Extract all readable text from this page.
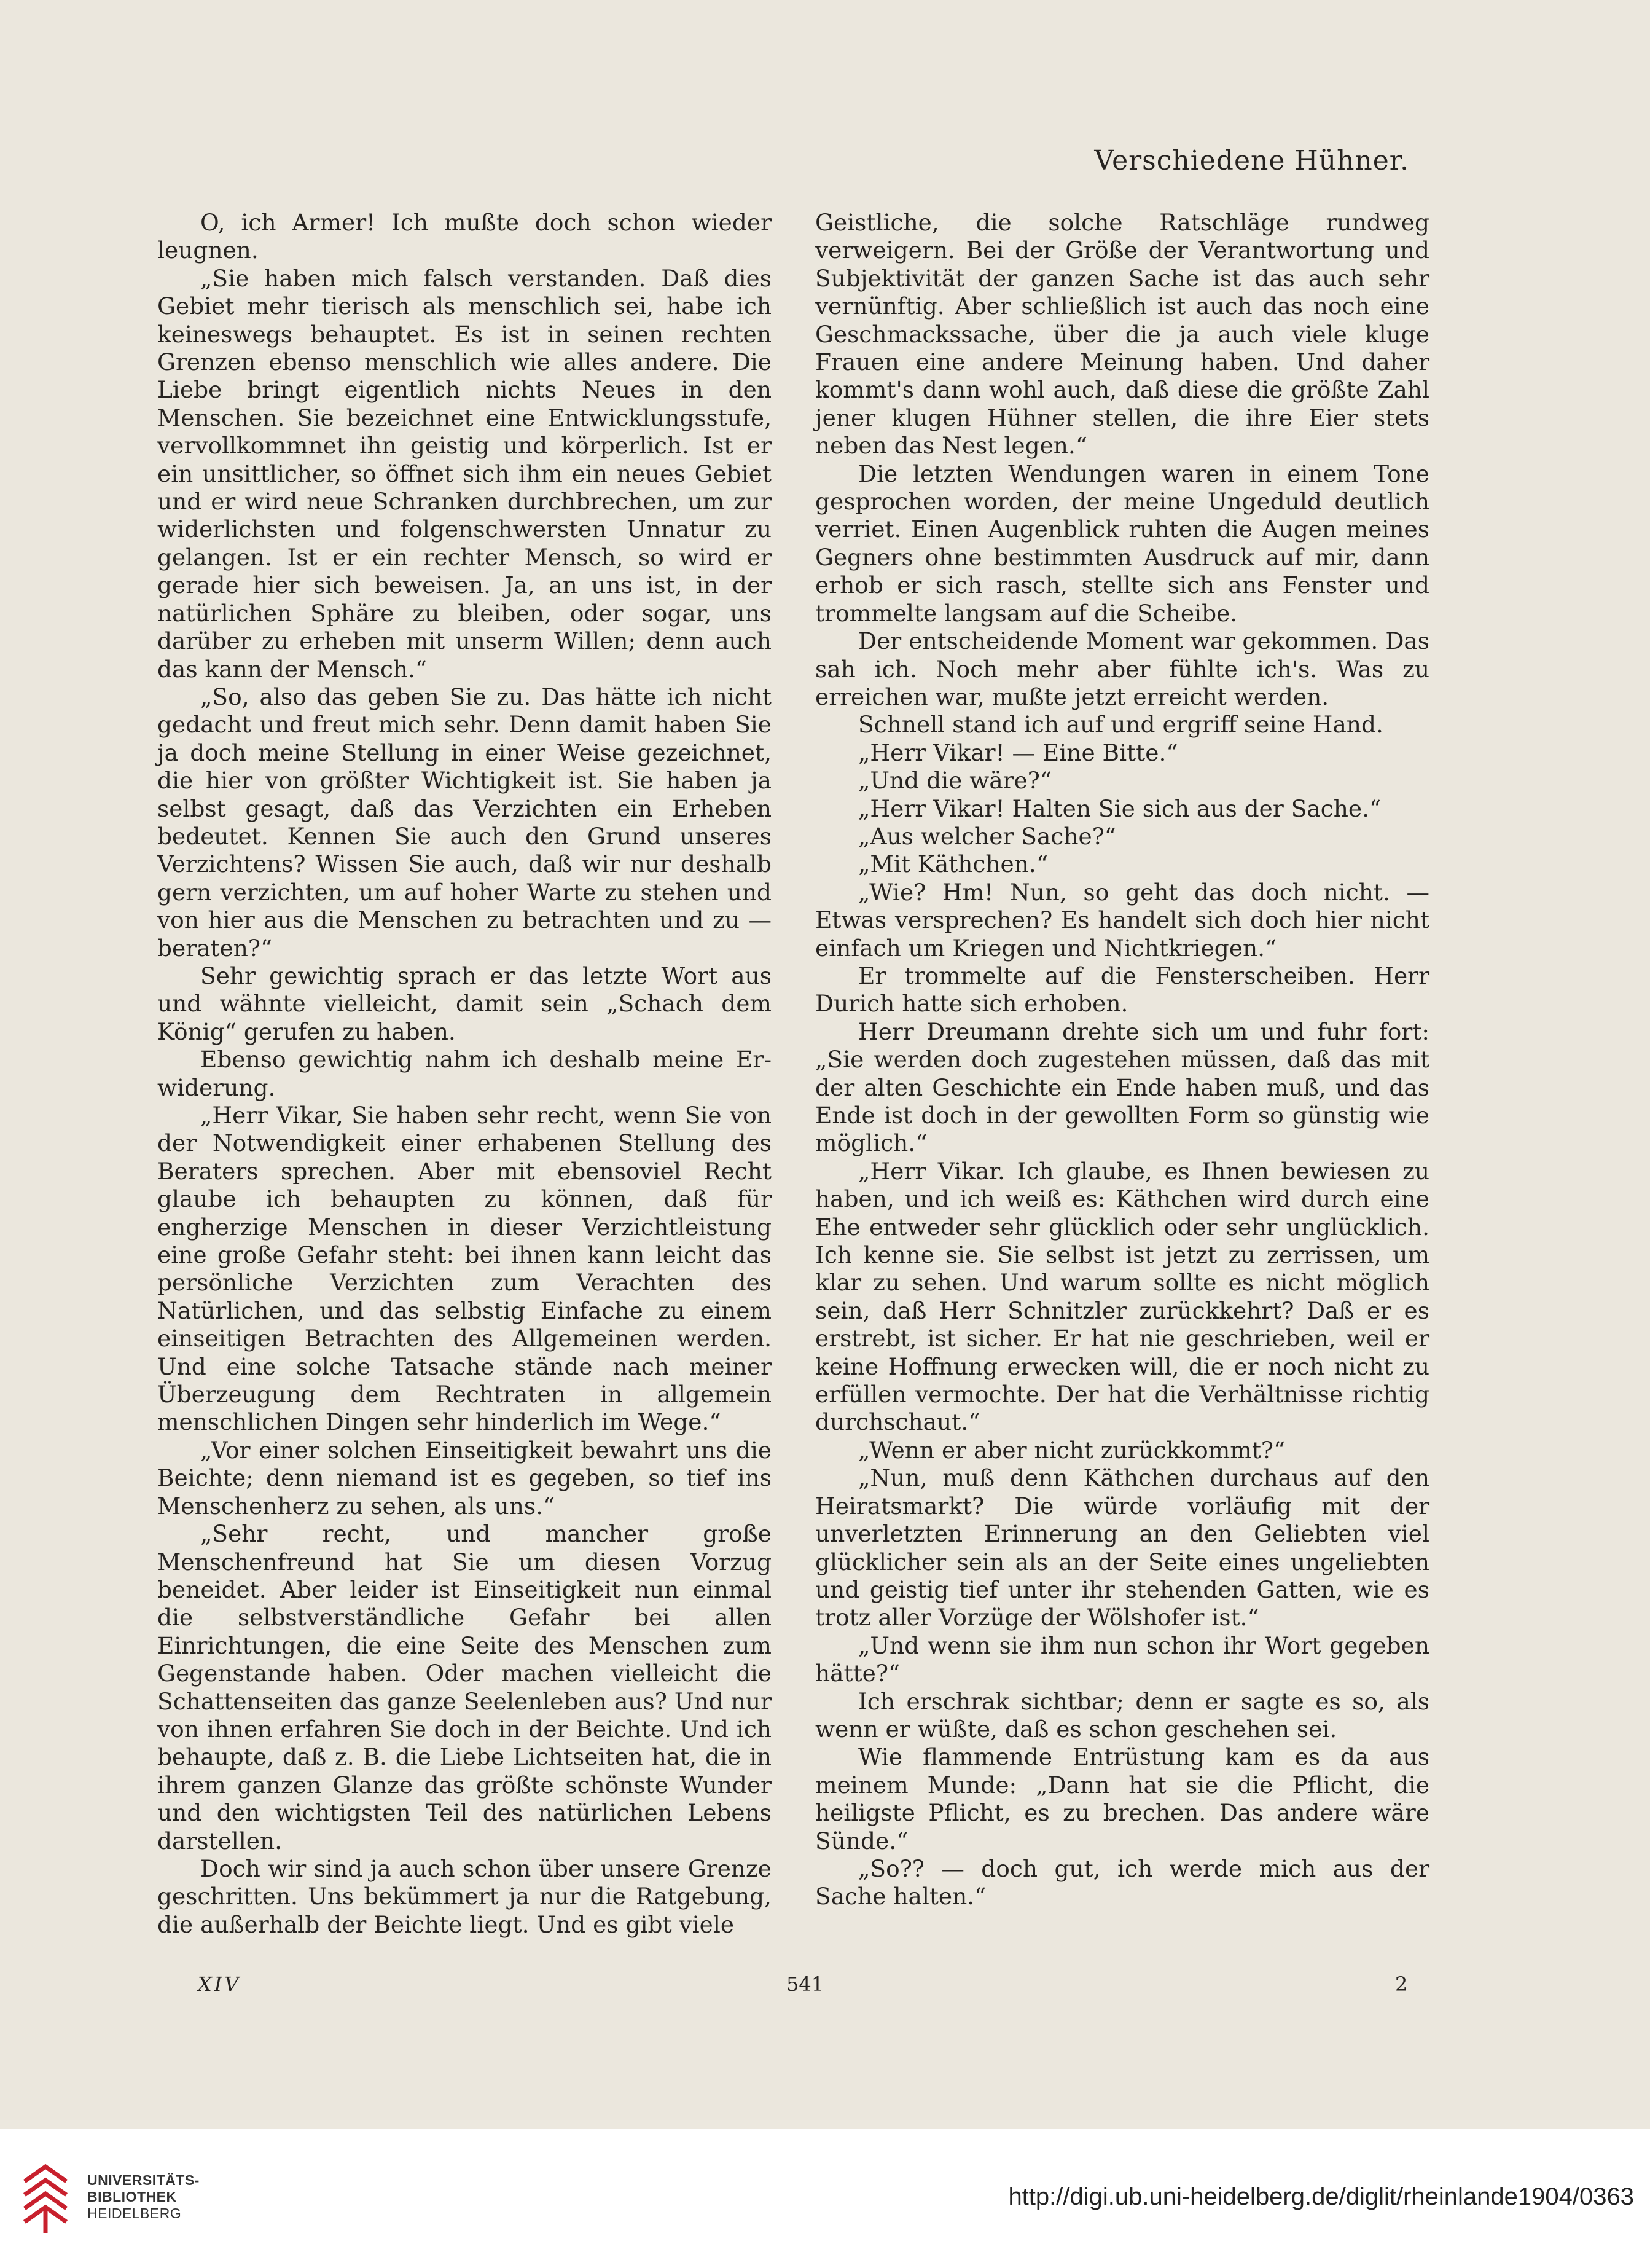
Verschiedene Hühner.

O, ich Armer! Ich mußte doch schon wieder leugnen.

„Sie haben mich falsch verstanden. Daß dies Gebiet mehr tierisch als menschlich sei, habe ich keineswegs behauptet. Es ist in seinen rechten Grenzen ebenso menschlich wie alles andere. Die Liebe bringt eigentlich nichts Neues in den Menschen. Sie bezeichnet eine Entwicklungsstufe, vervollkommnet ihn geistig und körperlich. Ist er ein unsittlicher, so öffnet sich ihm ein neues Gebiet und er wird neue Schranken durchbrechen, um zur widerlichsten und folgenschwersten Unnatur zu gelangen. Ist er ein rechter Mensch, so wird er gerade hier sich beweisen. Ja, an uns ist, in der natürlichen Sphäre zu bleiben, oder sogar, uns darüber zu erheben mit unserm Willen; denn auch das kann der Mensch.“

„So, also das geben Sie zu. Das hätte ich nicht gedacht und freut mich sehr. Denn damit haben Sie ja doch meine Stellung in einer Weise gezeichnet, die hier von größter Wichtigkeit ist. Sie haben ja selbst gesagt, daß das Verzichten ein Erheben bedeutet. Kennen Sie auch den Grund unseres Verzichtens? Wissen Sie auch, daß wir nur deshalb gern verzichten, um auf hoher Warte zu stehen und von hier aus die Menschen zu betrachten und zu — beraten?“

Sehr gewichtig sprach er das letzte Wort aus und wähnte vielleicht, damit sein „Schach dem König“ gerufen zu haben.

Ebenso gewichtig nahm ich deshalb meine Erwiderung.

„Herr Vikar, Sie haben sehr recht, wenn Sie von der Notwendigkeit einer erhabenen Stellung des Beraters sprechen. Aber mit ebensoviel Recht glaube ich behaupten zu können, daß für engherzige Menschen in dieser Verzichtleistung eine große Gefahr steht: bei ihnen kann leicht das persönliche Verzichten zum Verachten des Natürlichen, und das selbstig Einfache zu einem einseitigen Betrachten des Allgemeinen werden. Und eine solche Tatsache stände nach meiner Überzeugung dem Rechtraten in allgemein menschlichen Dingen sehr hinderlich im Wege.“

„Vor einer solchen Einseitigkeit bewahrt uns die Beichte; denn niemand ist es gegeben, so tief ins Menschenherz zu sehen, als uns.“

„Sehr recht, und mancher große Menschenfreund hat Sie um diesen Vorzug beneidet. Aber leider ist Einseitigkeit nun einmal die selbstverständliche Gefahr bei allen Einrichtungen, die eine Seite des Menschen zum Gegenstande haben. Oder machen vielleicht die Schattenseiten das ganze Seelenleben aus? Und nur von ihnen erfahren Sie doch in der Beichte. Und ich behaupte, daß z. B. die Liebe Lichtseiten hat, die in ihrem ganzen Glanze das größte schönste Wunder und den wichtigsten Teil des natürlichen Lebens darstellen.

Doch wir sind ja auch schon über unsere Grenze geschritten. Uns bekümmert ja nur die Ratgebung, die außerhalb der Beichte liegt. Und es gibt viele

Geistliche, die solche Ratschläge rundweg verweigern. Bei der Größe der Verantwortung und Subjektivität der ganzen Sache ist das auch sehr vernünftig. Aber schließlich ist auch das noch eine Geschmackssache, über die ja auch viele kluge Frauen eine andere Meinung haben. Und daher kommt's dann wohl auch, daß diese die größte Zahl jener klugen Hühner stellen, die ihre Eier stets neben das Nest legen.“

Die letzten Wendungen waren in einem Tone gesprochen worden, der meine Ungeduld deutlich verriet. Einen Augenblick ruhten die Augen meines Gegners ohne bestimmten Ausdruck auf mir, dann erhob er sich rasch, stellte sich ans Fenster und trommelte langsam auf die Scheibe.

Der entscheidende Moment war gekommen. Das sah ich. Noch mehr aber fühlte ich's. Was zu erreichen war, mußte jetzt erreicht werden.

Schnell stand ich auf und ergriff seine Hand.

„Herr Vikar! — Eine Bitte.“

„Und die wäre?“

„Herr Vikar! Halten Sie sich aus der Sache.“

„Aus welcher Sache?“

„Mit Käthchen.“

„Wie? Hm! Nun, so geht das doch nicht. — Etwas versprechen? Es handelt sich doch hier nicht einfach um Kriegen und Nichtkriegen.“

Er trommelte auf die Fensterscheiben. Herr Durich hatte sich erhoben.

Herr Dreumann drehte sich um und fuhr fort: „Sie werden doch zugestehen müssen, daß das mit der alten Geschichte ein Ende haben muß, und das Ende ist doch in der gewollten Form so günstig wie möglich.“

„Herr Vikar. Ich glaube, es Ihnen bewiesen zu haben, und ich weiß es: Käthchen wird durch eine Ehe entweder sehr glücklich oder sehr unglücklich. Ich kenne sie. Sie selbst ist jetzt zu zerrissen, um klar zu sehen. Und warum sollte es nicht möglich sein, daß Herr Schnitzler zurückkehrt? Daß er es erstrebt, ist sicher. Er hat nie geschrieben, weil er keine Hoffnung erwecken will, die er noch nicht zu erfüllen vermochte. Der hat die Verhältnisse richtig durchschaut.“

„Wenn er aber nicht zurückkommt?“

„Nun, muß denn Käthchen durchaus auf den Heiratsmarkt? Die würde vorläufig mit der unverletzten Erinnerung an den Geliebten viel glücklicher sein als an der Seite eines ungeliebten und geistig tief unter ihr stehenden Gatten, wie es trotz aller Vorzüge der Wölshofer ist.“

„Und wenn sie ihm nun schon ihr Wort gegeben hätte?“

Ich erschrak sichtbar; denn er sagte es so, als wenn er wüßte, daß es schon geschehen sei.

Wie flammende Entrüstung kam es da aus meinem Munde: „Dann hat sie die Pflicht, die heiligste Pflicht, es zu brechen. Das andere wäre Sünde.“

„So?? — doch gut, ich werde mich aus der Sache halten.“

XIV	541	2
UNIVERSITÄTS-
BIBLIOTHEK
HEIDELBERG
http://digi.ub.uni-heidelberg.de/diglit/rheinlande1904/0363
